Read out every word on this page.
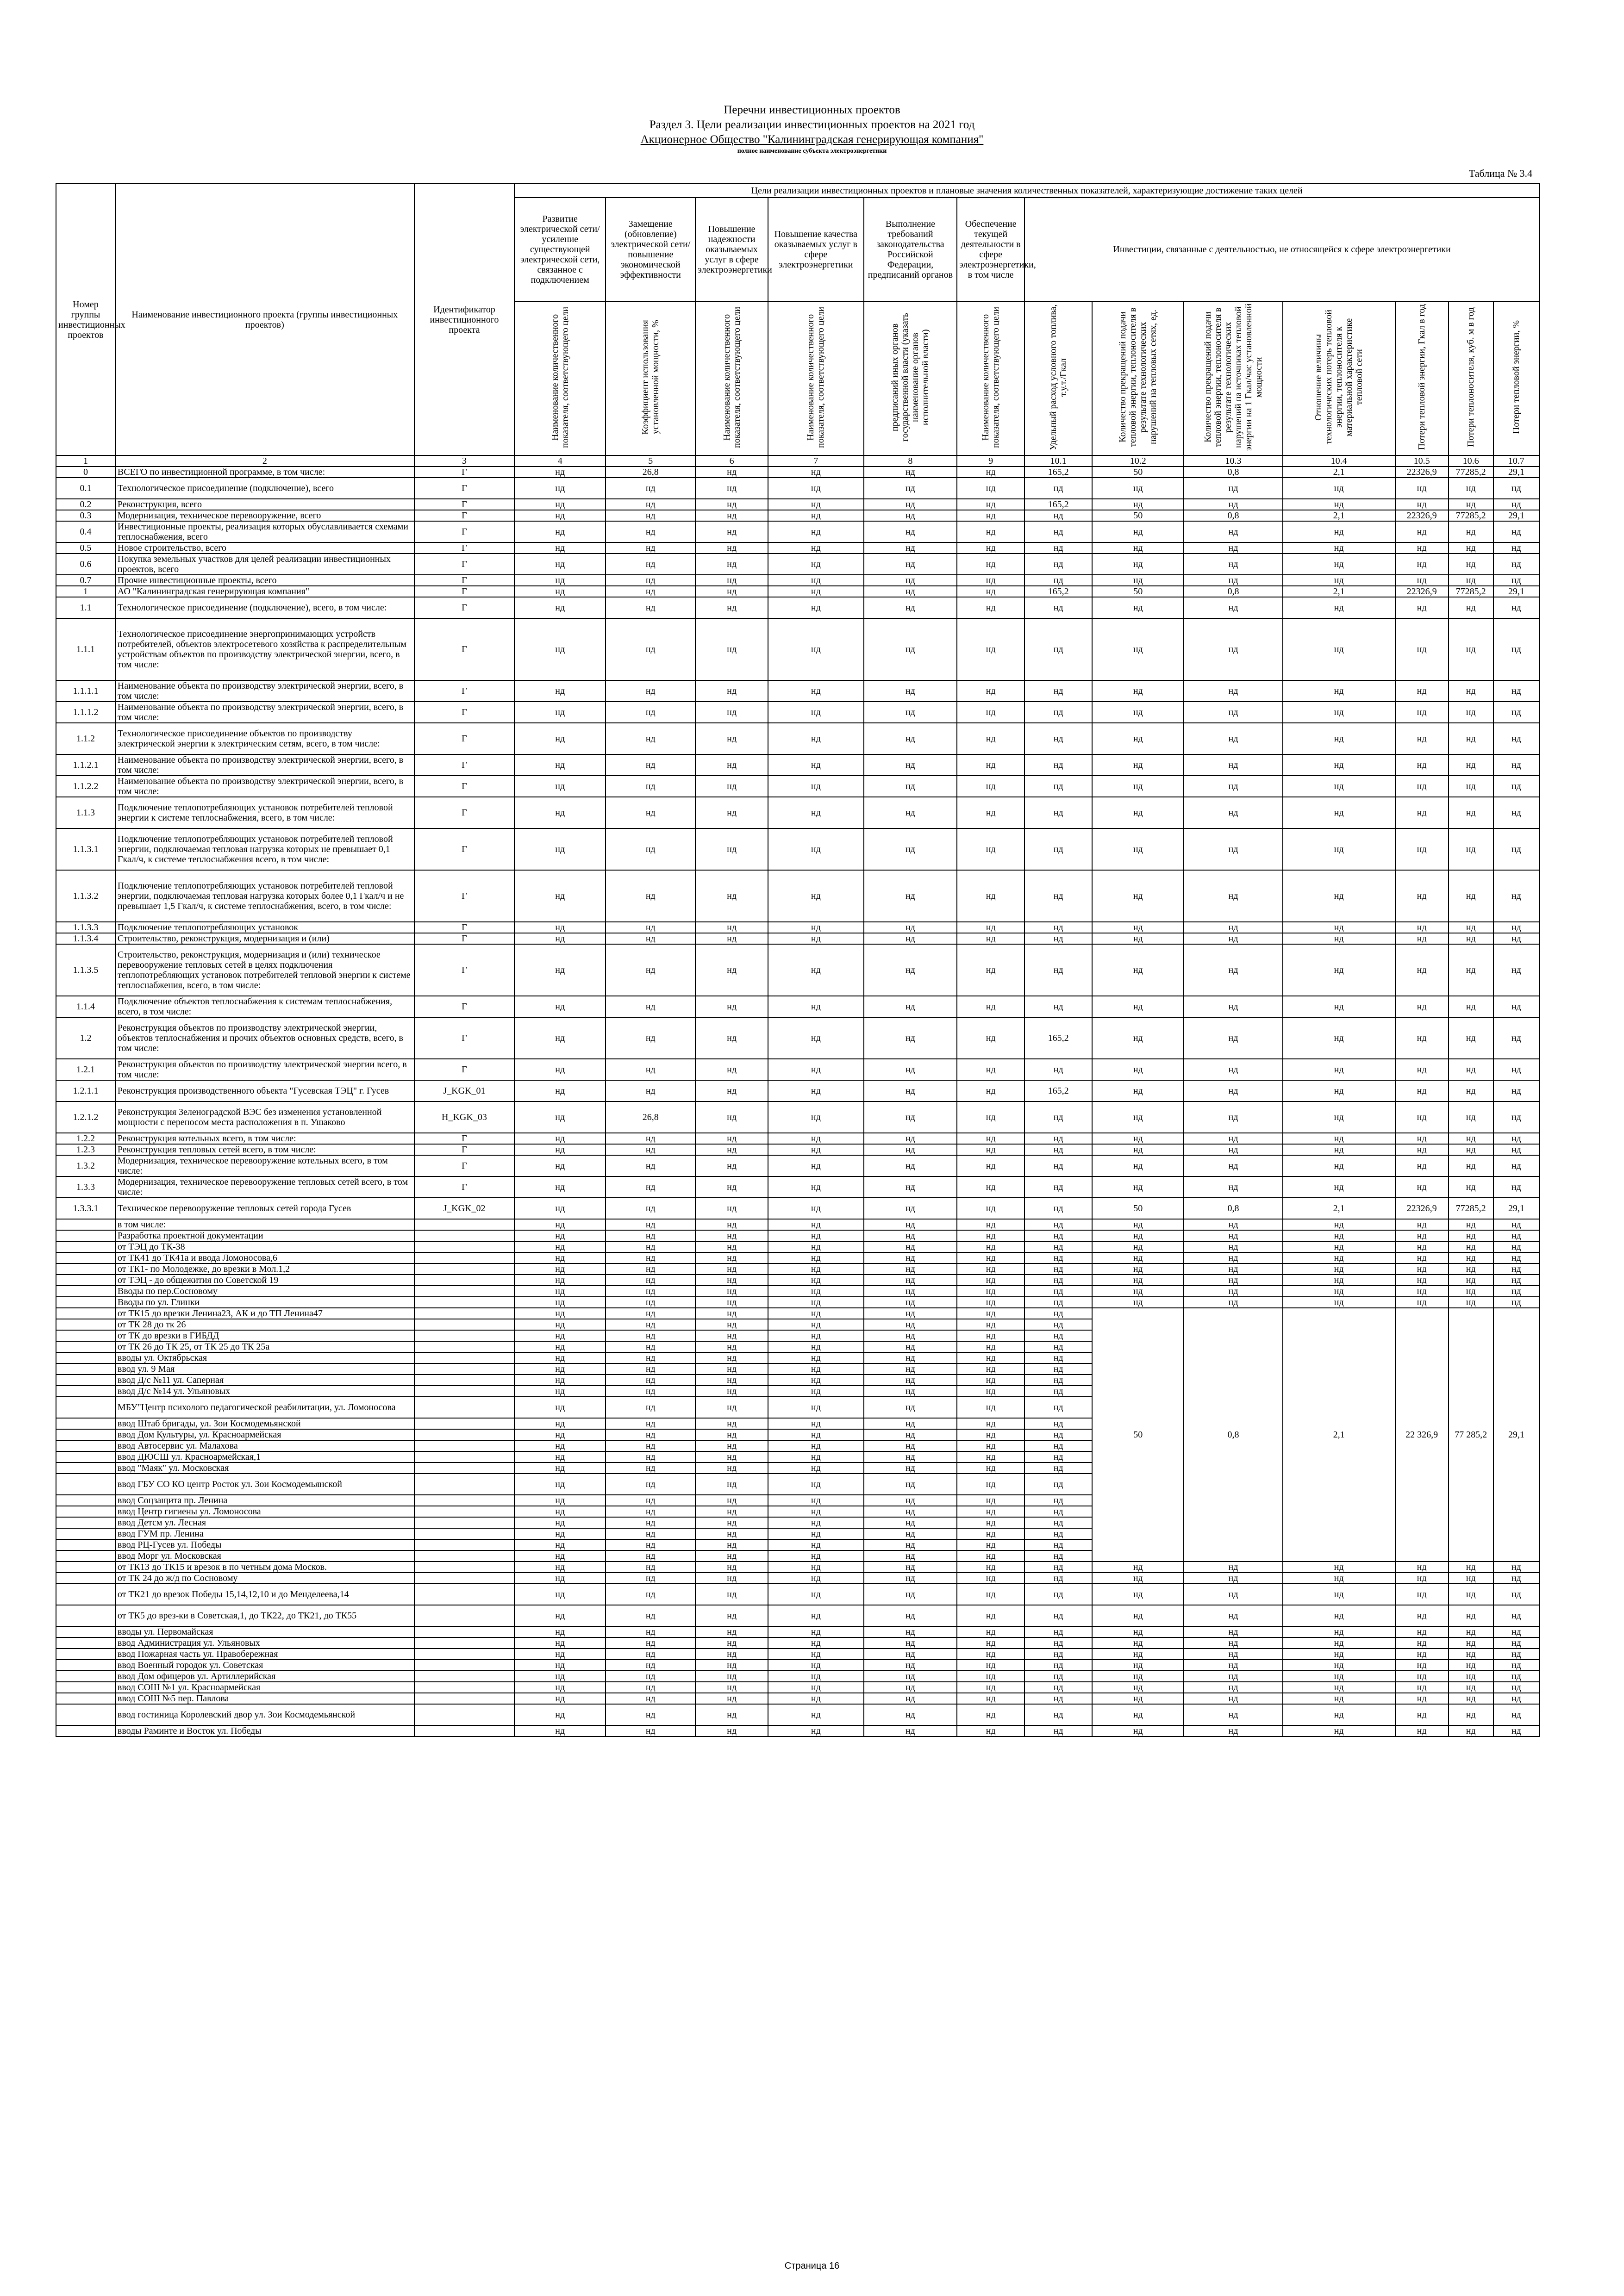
Перечни инвестиционных проектов
Раздел 3. Цели реализации инвестиционных проектов на 2021 год
Акционерное Общество "Калининградская генерирующая компания"
полное наименование субъекта электроэнергетики
Таблица № 3.4
Номер группы инвестиционных проектов	Наименование инвестиционного проекта (группы инвестиционных проектов)	Идентификатор инвестиционного проекта	Цели реализации инвестиционных проектов и плановые значения количественных показателей, характеризующие достижение таких целей												
			Развитие электрической сети/усиление существующей электрической сети, связанное с подключением	Замещение (обновление) электрической сети/повышение экономической эффективности	Повышение надежности оказываемых услуг в сфере электроэнергетики	Повышение качества оказываемых услуг в сфере электроэнергетики	Выполнение требований законодательства Российской Федерации, предписаний органов	Обеспечение текущей деятельности в сфере электроэнергетики, в том числе	Инвестиции, связанные с деятельностью, не относящейся к сфере электроэнергетики						
			Наименование количественного показателя, соответствующего цели	Коэффициент использования установленной мощности, %	Наименование количественного показателя, соответствующего цели	Наименование количественного показателя, соответствующего цели	предписаний иных органов государственной власти (указать наименование органов исполнительной власти)	Наименование количественного показателя, соответствующего цели	Удельный расход условного топлива, т.у.т./Гкал	Количество прекращений подачи тепловой энергии, теплоносителя в результате технологических нарушений на тепловых сетях, ед.	Количество прекращений подачи тепловой энергии, теплоносителя в результате технологических нарушений на источниках тепловой энергии на 1 Гкал/час установленной мощности	Отношение величины технологических потерь тепловой энергии, теплоносителя к материальной характеристике тепловой сети	Потери тепловой энергии, Гкал в год	Потери теплоносителя, куб. м в год	Потери тепловой энергии, %
1	2	3	4	5	6	7	8	9	10.1	10.2	10.3	10.4	10.5	10.6	10.7
0	ВСЕГО по инвестиционной программе, в том числе:	Г	нд	26,8	нд	нд	нд	нд	165,2	50	0,8	2,1	22326,9	77285,2	29,1
0.1	Технологическое присоединение (подключение), всего	Г	нд	нд	нд	нд	нд	нд	нд	нд	нд	нд	нд	нд	нд
0.2	Реконструкция, всего	Г	нд	нд	нд	нд	нд	нд	165,2	нд	нд	нд	нд	нд	нд
0.3	Модернизация, техническое перевооружение, всего	Г	нд	нд	нд	нд	нд	нд	нд	50	0,8	2,1	22326,9	77285,2	29,1
0.4	Инвестиционные проекты, реализация которых обуславливается схемами теплоснабжения, всего	Г	нд	нд	нд	нд	нд	нд	нд	нд	нд	нд	нд	нд	нд
0.5	Новое строительство, всего	Г	нд	нд	нд	нд	нд	нд	нд	нд	нд	нд	нд	нд	нд
0.6	Покупка земельных участков для целей реализации инвестиционных проектов, всего	Г	нд	нд	нд	нд	нд	нд	нд	нд	нд	нд	нд	нд	нд
0.7	Прочие инвестиционные проекты, всего	Г	нд	нд	нд	нд	нд	нд	нд	нд	нд	нд	нд	нд	нд
1	АО "Калининградская генерирующая компания"	Г	нд	нд	нд	нд	нд	нд	165,2	50	0,8	2,1	22326,9	77285,2	29,1
1.1	Технологическое присоединение (подключение), всего, в том числе:	Г	нд	нд	нд	нд	нд	нд	нд	нд	нд	нд	нд	нд	нд
1.1.1	Технологическое присоединение энергопринимающих устройств потребителей, объектов электросетевого хозяйства к распределительным устройствам объектов по производству электрической энергии, всего, в том числе:	Г	нд	нд	нд	нд	нд	нд	нд	нд	нд	нд	нд	нд	нд
1.1.1.1	Наименование объекта по производству электрической энергии, всего, в том числе:	Г	нд	нд	нд	нд	нд	нд	нд	нд	нд	нд	нд	нд	нд
1.1.1.2	Наименование объекта по производству электрической энергии, всего, в том числе:	Г	нд	нд	нд	нд	нд	нд	нд	нд	нд	нд	нд	нд	нд
1.1.2	Технологическое присоединение объектов по производству электрической энергии к электрическим сетям, всего, в том числе:	Г	нд	нд	нд	нд	нд	нд	нд	нд	нд	нд	нд	нд	нд
1.1.2.1	Наименование объекта по производству электрической энергии, всего, в том числе:	Г	нд	нд	нд	нд	нд	нд	нд	нд	нд	нд	нд	нд	нд
1.1.2.2	Наименование объекта по производству электрической энергии, всего, в том числе:	Г	нд	нд	нд	нд	нд	нд	нд	нд	нд	нд	нд	нд	нд
1.1.3	Подключение теплопотребляющих установок потребителей тепловой энергии к системе теплоснабжения, всего, в том числе:	Г	нд	нд	нд	нд	нд	нд	нд	нд	нд	нд	нд	нд	нд
1.1.3.1	Подключение теплопотребляющих установок потребителей тепловой энергии, подключаемая тепловая нагрузка которых не превышает 0,1 Гкал/ч, к системе теплоснабжения всего, в том числе:	Г	нд	нд	нд	нд	нд	нд	нд	нд	нд	нд	нд	нд	нд
1.1.3.2	Подключение теплопотребляющих установок потребителей тепловой энергии, подключаемая тепловая нагрузка которых более 0,1 Гкал/ч и не превышает 1,5 Гкал/ч, к системе теплоснабжения, всего, в том числе:	Г	нд	нд	нд	нд	нд	нд	нд	нд	нд	нд	нд	нд	нд
1.1.3.3	Подключение теплопотребляющих установок	Г	нд	нд	нд	нд	нд	нд	нд	нд	нд	нд	нд	нд	нд
1.1.3.4	Строительство, реконструкция, модернизация и (или)	Г	нд	нд	нд	нд	нд	нд	нд	нд	нд	нд	нд	нд	нд
1.1.3.5	Строительство, реконструкция, модернизация и (или) техническое перевооружение тепловых сетей в целях подключения теплопотребляющих установок потребителей тепловой энергии к системе теплоснабжения, всего, в том числе:	Г	нд	нд	нд	нд	нд	нд	нд	нд	нд	нд	нд	нд	нд
1.1.4	Подключение объектов теплоснабжения к системам теплоснабжения, всего, в том числе:	Г	нд	нд	нд	нд	нд	нд	нд	нд	нд	нд	нд	нд	нд
1.2	Реконструкция объектов по производству электрической энергии, объектов теплоснабжения и прочих объектов основных средств, всего, в том числе:	Г	нд	нд	нд	нд	нд	нд	165,2	нд	нд	нд	нд	нд	нд
1.2.1	Реконструкция объектов по производству электрической энергии всего, в том числе:	Г	нд	нд	нд	нд	нд	нд	нд	нд	нд	нд	нд	нд	нд
1.2.1.1	Реконструкция производственного объекта "Гусевская ТЭЦ" г. Гусев	J_KGK_01	нд	нд	нд	нд	нд	нд	165,2	нд	нд	нд	нд	нд	нд
1.2.1.2	Реконструкция Зеленоградской ВЭС без изменения установленной мощности с переносом места расположения в п. Ушаково	H_KGK_03	нд	26,8	нд	нд	нд	нд	нд	нд	нд	нд	нд	нд	нд
1.2.2	Реконструкция котельных всего, в том числе:	Г	нд	нд	нд	нд	нд	нд	нд	нд	нд	нд	нд	нд	нд
1.2.3	Реконструкция тепловых сетей всего, в том числе:	Г	нд	нд	нд	нд	нд	нд	нд	нд	нд	нд	нд	нд	нд
1.3.2	Модернизация, техническое перевооружение котельных всего, в том числе:	Г	нд	нд	нд	нд	нд	нд	нд	нд	нд	нд	нд	нд	нд
1.3.3	Модернизация, техническое перевооружение тепловых сетей всего, в том числе:	Г	нд	нд	нд	нд	нд	нд	нд	нд	нд	нд	нд	нд	нд
1.3.3.1	Техническое перевооружение тепловых сетей города Гусев	J_KGK_02	нд	нд	нд	нд	нд	нд	нд	50	0,8	2,1	22326,9	77285,2	29,1
	в том числе:		нд	нд	нд	нд	нд	нд	нд	нд	нд	нд	нд	нд	нд
	Разработка проектной документации		нд	нд	нд	нд	нд	нд	нд	нд	нд	нд	нд	нд	нд
	от ТЭЦ до ТК-38		нд	нд	нд	нд	нд	нд	нд	нд	нд	нд	нд	нд	нд
	от ТК41 до ТК41а и ввода Ломоносова,6		нд	нд	нд	нд	нд	нд	нд	нд	нд	нд	нд	нд	нд
	от ТК1- по Молодежке, до врезки в Мол.1,2		нд	нд	нд	нд	нд	нд	нд	нд	нд	нд	нд	нд	нд
	от ТЭЦ - до общежития по Советской 19		нд	нд	нд	нд	нд	нд	нд	нд	нд	нд	нд	нд	нд
	Вводы по пер.Сосновому		нд	нд	нд	нд	нд	нд	нд	нд	нд	нд	нд	нд	нд
	Вводы по ул. Глинки		нд	нд	нд	нд	нд	нд	нд	нд	нд	нд	нд	нд	нд
	от ТК15 до врезки Ленина23, АК и до ТП Ленина47		нд	нд	нд	нд	нд	нд	нд	50	0,8	2,1	22 326,9	77 285,2	29,1
	от ТК 28 до тк 26		нд	нд	нд	нд	нд	нд	нд						
	от ТК до врезки в ГИБДД		нд	нд	нд	нд	нд	нд	нд						
	от ТК 26 до ТК 25, от ТК 25 до ТК 25а		нд	нд	нд	нд	нд	нд	нд						
	вводы ул. Октябрьская		нд	нд	нд	нд	нд	нд	нд						
	ввод ул. 9 Мая		нд	нд	нд	нд	нд	нд	нд						
	ввод Д/с №11 ул. Саперная		нд	нд	нд	нд	нд	нд	нд						
	ввод Д/с №14 ул. Ульяновых		нд	нд	нд	нд	нд	нд	нд						
	МБУ"Центр психолого педагогической реабилитации, ул. Ломоносова		нд	нд	нд	нд	нд	нд	нд						
	ввод Штаб бригады, ул. Зои Космодемьянской		нд	нд	нд	нд	нд	нд	нд						
	ввод Дом Культуры, ул. Красноармейская		нд	нд	нд	нд	нд	нд	нд						
	ввод Автосервис ул. Малахова		нд	нд	нд	нд	нд	нд	нд						
	ввод ДЮСШ ул. Красноармейская,1		нд	нд	нд	нд	нд	нд	нд						
	ввод "Маяк" ул. Московская		нд	нд	нд	нд	нд	нд	нд						
	ввод ГБУ СО КО центр Росток ул. Зои Космодемьянской		нд	нд	нд	нд	нд	нд	нд						
	ввод Соцзащита пр. Ленина		нд	нд	нд	нд	нд	нд	нд						
	ввод Центр гигиены ул. Ломоносова		нд	нд	нд	нд	нд	нд	нд						
	ввод Детсм ул. Лесная		нд	нд	нд	нд	нд	нд	нд						
	ввод ГУМ пр. Ленина		нд	нд	нд	нд	нд	нд	нд						
	ввод РЦ-Гусев ул. Победы		нд	нд	нд	нд	нд	нд	нд						
	ввод Морг ул. Московская		нд	нд	нд	нд	нд	нд	нд						
	от ТК13 до ТК15 и врезок в по четным дома Москов.		нд	нд	нд	нд	нд	нд	нд	нд	нд	нд	нд	нд	нд
	от ТК 24 до ж/д по Сосновому		нд	нд	нд	нд	нд	нд	нд	нд	нд	нд	нд	нд	нд
	от ТК21 до врезок Победы 15,14,12,10 и до Менделеева,14		нд	нд	нд	нд	нд	нд	нд	нд	нд	нд	нд	нд	нд
	от ТК5 до врез-ки в Советская,1, до ТК22, до ТК21, до ТК55		нд	нд	нд	нд	нд	нд	нд	нд	нд	нд	нд	нд	нд
	вводы ул. Первомайская		нд	нд	нд	нд	нд	нд	нд	нд	нд	нд	нд	нд	нд
	ввод Администрация ул. Ульяновых		нд	нд	нд	нд	нд	нд	нд	нд	нд	нд	нд	нд	нд
	ввод Пожарная часть ул. Правобережная		нд	нд	нд	нд	нд	нд	нд	нд	нд	нд	нд	нд	нд
	ввод Военный городок ул. Советская		нд	нд	нд	нд	нд	нд	нд	нд	нд	нд	нд	нд	нд
	ввод Дом офицеров ул. Артиллерийская		нд	нд	нд	нд	нд	нд	нд	нд	нд	нд	нд	нд	нд
	ввод СОШ №1 ул. Красноармейская		нд	нд	нд	нд	нд	нд	нд	нд	нд	нд	нд	нд	нд
	ввод СОШ №5 пер. Павлова		нд	нд	нд	нд	нд	нд	нд	нд	нд	нд	нд	нд	нд
	ввод гостиница Королевский двор ул. Зои Космодемьянской		нд	нд	нд	нд	нд	нд	нд	нд	нд	нд	нд	нд	нд
	вводы Раминте и Восток ул. Победы		нд	нд	нд	нд	нд	нд	нд	нд	нд	нд	нд	нд	нд
Страница 16
